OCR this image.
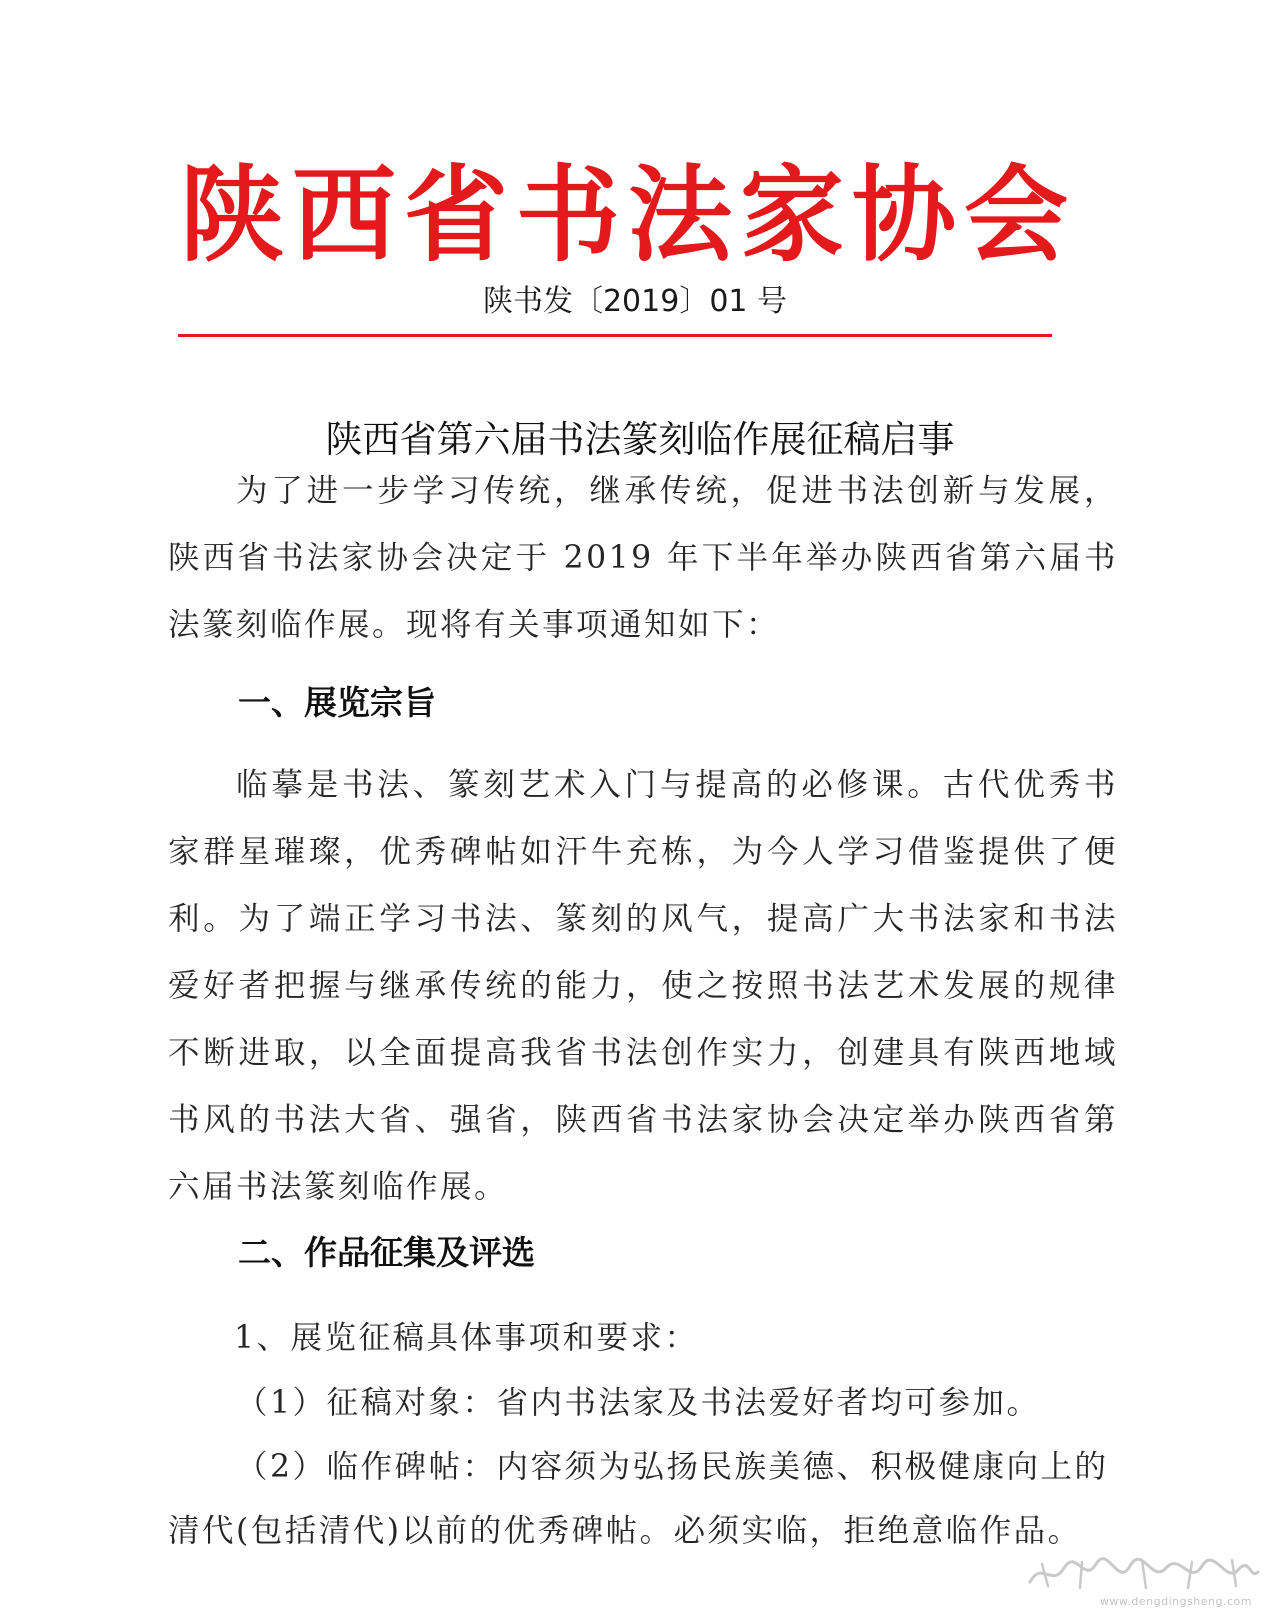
陕西省书法家协会
陕书发〔2019〕01 号
陕西省第六届书法篆刻临作展征稿启事

为了进一步学习传统，继承传统，促进书法创新与发展，陕西省书法家协会决定于 2019 年下半年举办陕西省第六届书法篆刻临作展。现将有关事项通知如下：

一、展览宗旨

临摹是书法、篆刻艺术入门与提高的必修课。古代优秀书家群星璀璨，优秀碑帖如汗牛充栋，为今人学习借鉴提供了便利。为了端正学习书法、篆刻的风气，提高广大书法家和书法爱好者把握与继承传统的能力，使之按照书法艺术发展的规律不断进取，以全面提高我省书法创作实力，创建具有陕西地域书风的书法大省、强省，陕西省书法家协会决定举办陕西省第六届书法篆刻临作展。

二、作品征集及评选

1、展览征稿具体事项和要求：

（1）征稿对象：省内书法家及书法爱好者均可参加。

（2）临作碑帖：内容须为弘扬民族美德、积极健康向上的

清代(包括清代)以前的优秀碑帖。必须实临，拒绝意临作品。

www.dengdingsheng.com
